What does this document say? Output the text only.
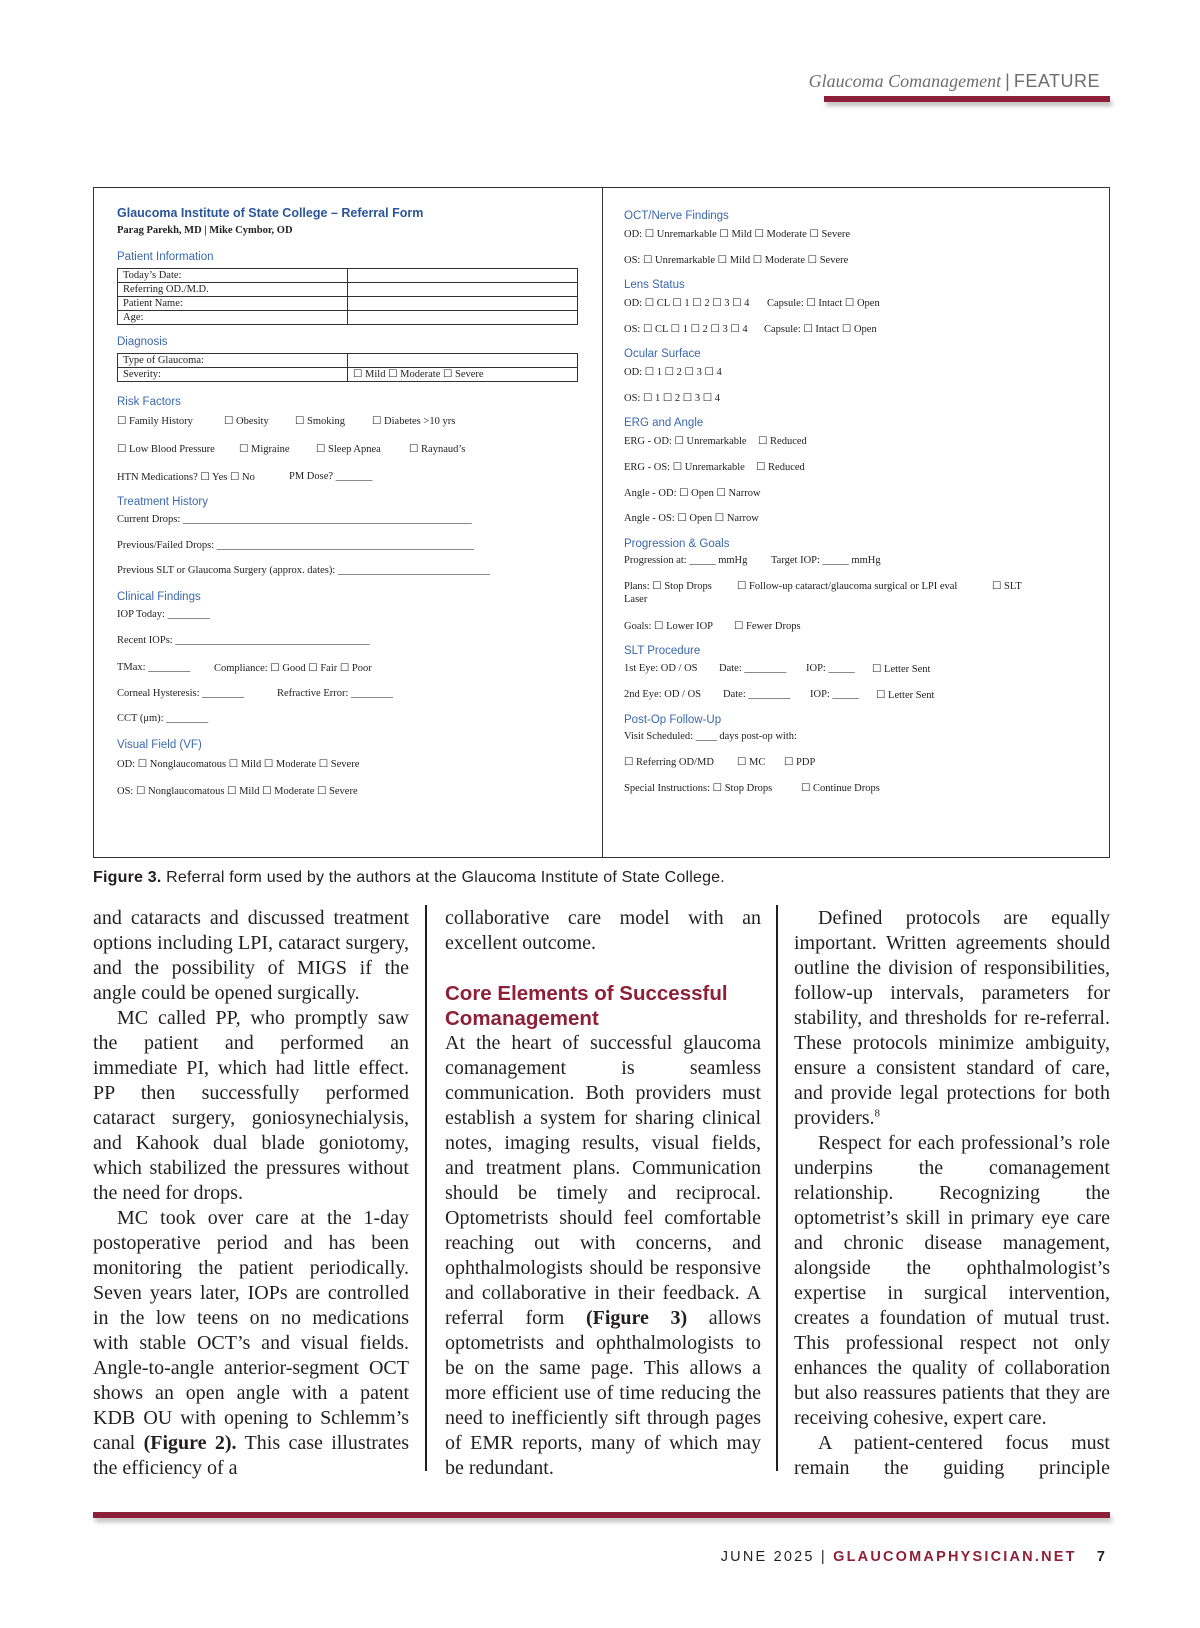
Glaucoma Comanagement | FEATURE
Glaucoma Institute of State College – Referral Form
Parag Parekh, MD | Mike Cymbor, OD
Patient Information
Today’s Date:	
Referring OD./M.D.	
Patient Name:	
Age:	
Diagnosis
Type of Glaucoma:	
Severity:	☐ Mild ☐ Moderate ☐ Severe
Risk Factors
☐ Family History	☐ Obesity	☐ Smoking	☐ Diabetes >10 yrs
☐ Low Blood Pressure ☐ Migraine	☐ Sleep Apnea	☐ Raynaud’s
HTN Medications? ☐ Yes ☐ No	PM Dose? _______
Treatment History
Current Drops: _______________________________________________________
Previous/Failed Drops: _________________________________________________
Previous SLT or Glaucoma Surgery (approx. dates): _____________________________
Clinical Findings
IOP Today: ________
Recent IOPs: _____________________________________
TMax: ________ Compliance: ☐ Good ☐ Fair ☐ Poor
Corneal Hysteresis: ________	Refractive Error: ________
CCT (μm): ________
Visual Field (VF)
OD: ☐ Nonglaucomatous ☐ Mild ☐ Moderate ☐ Severe
OS: ☐ Nonglaucomatous ☐ Mild ☐ Moderate ☐ Severe
OCT/Nerve Findings
OD: ☐ Unremarkable ☐ Mild ☐ Moderate ☐ Severe
OS: ☐ Unremarkable ☐ Mild ☐ Moderate ☐ Severe
Lens Status
OD: ☐ CL ☐ 1 ☐ 2 ☐ 3 ☐ 4 Capsule: ☐ Intact ☐ Open
OS: ☐ CL ☐ 1 ☐ 2 ☐ 3 ☐ 4 Capsule: ☐ Intact ☐ Open
Ocular Surface
OD: ☐ 1 ☐ 2 ☐ 3 ☐ 4
OS: ☐ 1 ☐ 2 ☐ 3 ☐ 4
ERG and Angle
ERG - OD: ☐ Unremarkable ☐ Reduced
ERG - OS: ☐ Unremarkable ☐ Reduced
Angle - OD: ☐ Open ☐ Narrow
Angle - OS: ☐ Open ☐ Narrow
Progression & Goals
Progression at: _____ mmHg Target IOP: _____ mmHg
Plans: ☐ Stop Drops ☐ Follow-up cataract/glaucoma surgical or LPI eval	☐ SLT
Laser
Goals: ☐ Lower IOP ☐ Fewer Drops
SLT Procedure
1st Eye: OD / OS Date: ________ IOP: _____ ☐ Letter Sent
2nd Eye: OD / OS Date: ________ IOP: _____ ☐ Letter Sent
Post-Op Follow-Up
Visit Scheduled: ____ days post-op with:
☐ Referring OD/MD ☐ MC ☐ PDP
Special Instructions: ☐ Stop Drops	☐ Continue Drops
Figure 3. Referral form used by the authors at the Glaucoma Institute of State College.

and cataracts and discussed treatment options including LPI, cataract surgery, and the possibility of MIGS if the angle could be opened surgically.

MC called PP, who promptly saw the patient and performed an immediate PI, which had little effect. PP then successfully performed cataract surgery, goniosynechialysis, and Kahook dual blade goniotomy, which stabilized the pressures without the need for drops.

MC took over care at the 1-day postoperative period and has been monitoring the patient periodically. Seven years later, IOPs are controlled in the low teens on no medications with stable OCT’s and visual fields. Angle-to-angle anterior-segment OCT shows an open angle with a patent KDB OU with opening to Schlemm’s canal (Figure 2). This case illustrates the efficiency of a

collaborative care model with an excellent outcome.

Core Elements of Successful Comanagement

At the heart of successful glaucoma comanagement is seamless communication. Both providers must establish a system for sharing clinical notes, imaging results, visual fields, and treatment plans. Communication should be timely and reciprocal. Optometrists should feel comfortable reaching out with concerns, and ophthalmologists should be responsive and collaborative in their feedback. A referral form (Figure 3) allows optometrists and ophthalmologists to be on the same page. This allows a more efficient use of time reducing the need to inefficiently sift through pages of EMR reports, many of which may be redundant.

Defined protocols are equally important. Written agreements should outline the division of responsibilities, follow-up intervals, parameters for stability, and thresholds for re-referral. These protocols minimize ambiguity, ensure a consistent standard of care, and provide legal protections for both providers.$^8$

Respect for each professional’s role underpins the comanagement relationship. Recognizing the optometrist’s skill in primary eye care and chronic disease management, alongside the ophthalmologist’s expertise in surgical intervention, creates a foundation of mutual trust. This professional respect not only enhances the quality of collaboration but also reassures patients that they are receiving cohesive, expert care.

A patient-centered focus must remain the guiding principle

JUNE 2025 | GLAUCOMAPHYSICIAN.NET 7
